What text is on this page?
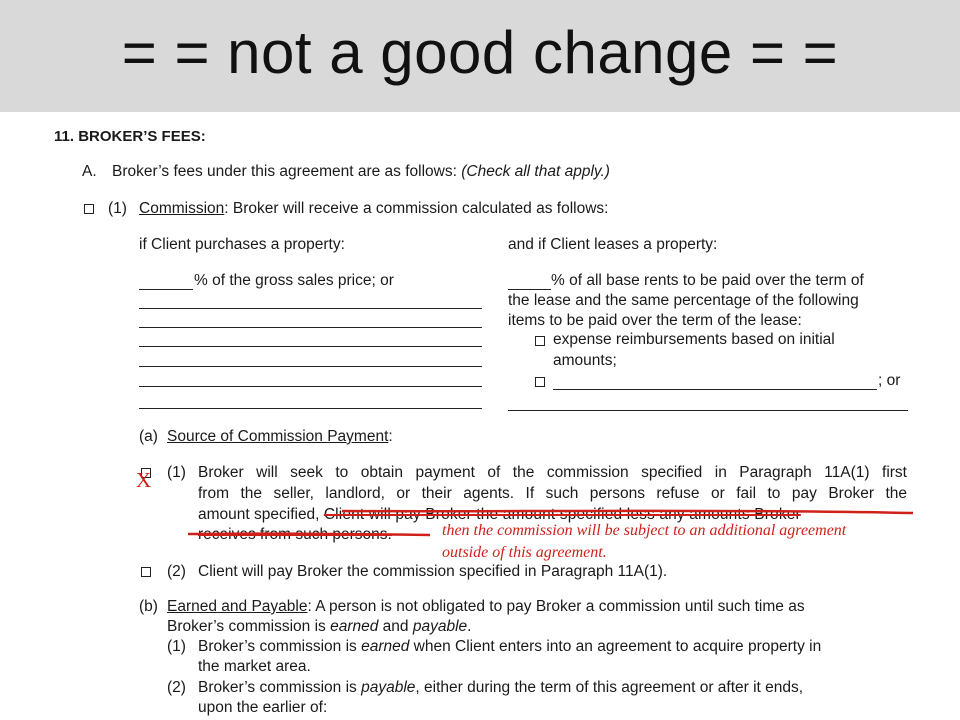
= = not a good change = =
11. BROKER’S FEES:
A. Broker’s fees under this agreement are as follows: (Check all that apply.)
(1) Commission: Broker will receive a commission calculated as follows:
if Client purchases a property:
% of the gross sales price; or
and if Client leases a property:
% of all base rents to be paid over the term of
the lease and the same percentage of the following
items to be paid over the term of the lease:
expense reimbursements based on initial
amounts;
; or
(a) Source of Commission Payment:
X (1) Broker will seek to obtain payment of the commission specified in Paragraph 11A(1) first
from the seller, landlord, or their agents. If such persons refuse or fail to pay Broker the
amount specified, Client will pay Broker the amount specified less any amounts Broker
receives from such persons.	then the commission will be subject to an additional agreement
outside of this agreement.
(2) Client will pay Broker the commission specified in Paragraph 11A(1).
(b) Earned and Payable: A person is not obligated to pay Broker a commission until such time as
Broker’s commission is earned and payable.
(1) Broker’s commission is earned when Client enters into an agreement to acquire property in
the market area.
(2) Broker’s commission is payable, either during the term of this agreement or after it ends,
upon the earlier of:
